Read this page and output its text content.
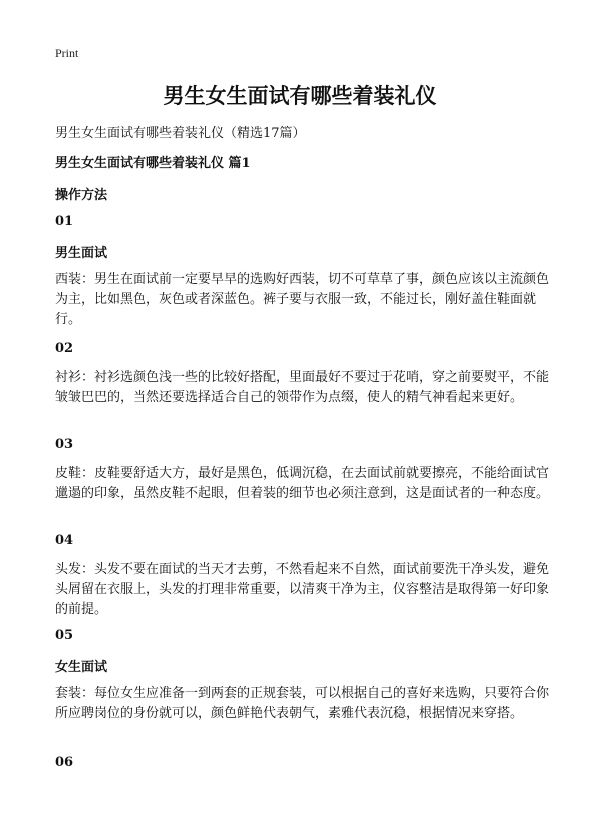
Print
男生女生面试有哪些着装礼仪
男生女生面试有哪些着装礼仪（精选17篇）
男生女生面试有哪些着装礼仪 篇1
操作方法
01
男生面试
西装：男生在面试前一定要早早的选购好西装，切不可草草了事，颜色应该以主流颜色为主，比如黑色，灰色或者深蓝色。裤子要与衣服一致，不能过长，刚好盖住鞋面就行。
02
衬衫：衬衫选颜色浅一些的比较好搭配，里面最好不要过于花哨，穿之前要熨平，不能皱皱巴巴的，当然还要选择适合自己的领带作为点缀，使人的精气神看起来更好。
03
皮鞋：皮鞋要舒适大方，最好是黑色，低调沉稳，在去面试前就要擦亮，不能给面试官邋遢的印象，虽然皮鞋不起眼，但着装的细节也必须注意到，这是面试者的一种态度。
04
头发：头发不要在面试的当天才去剪，不然看起来不自然，面试前要洗干净头发，避免头屑留在衣服上，头发的打理非常重要，以清爽干净为主，仪容整洁是取得第一好印象的前提。
05
女生面试
套装：每位女生应准备一到两套的正规套装，可以根据自己的喜好来选购，只要符合你所应聘岗位的身份就可以，颜色鲜艳代表朝气，素雅代表沉稳，根据情况来穿搭。
06
